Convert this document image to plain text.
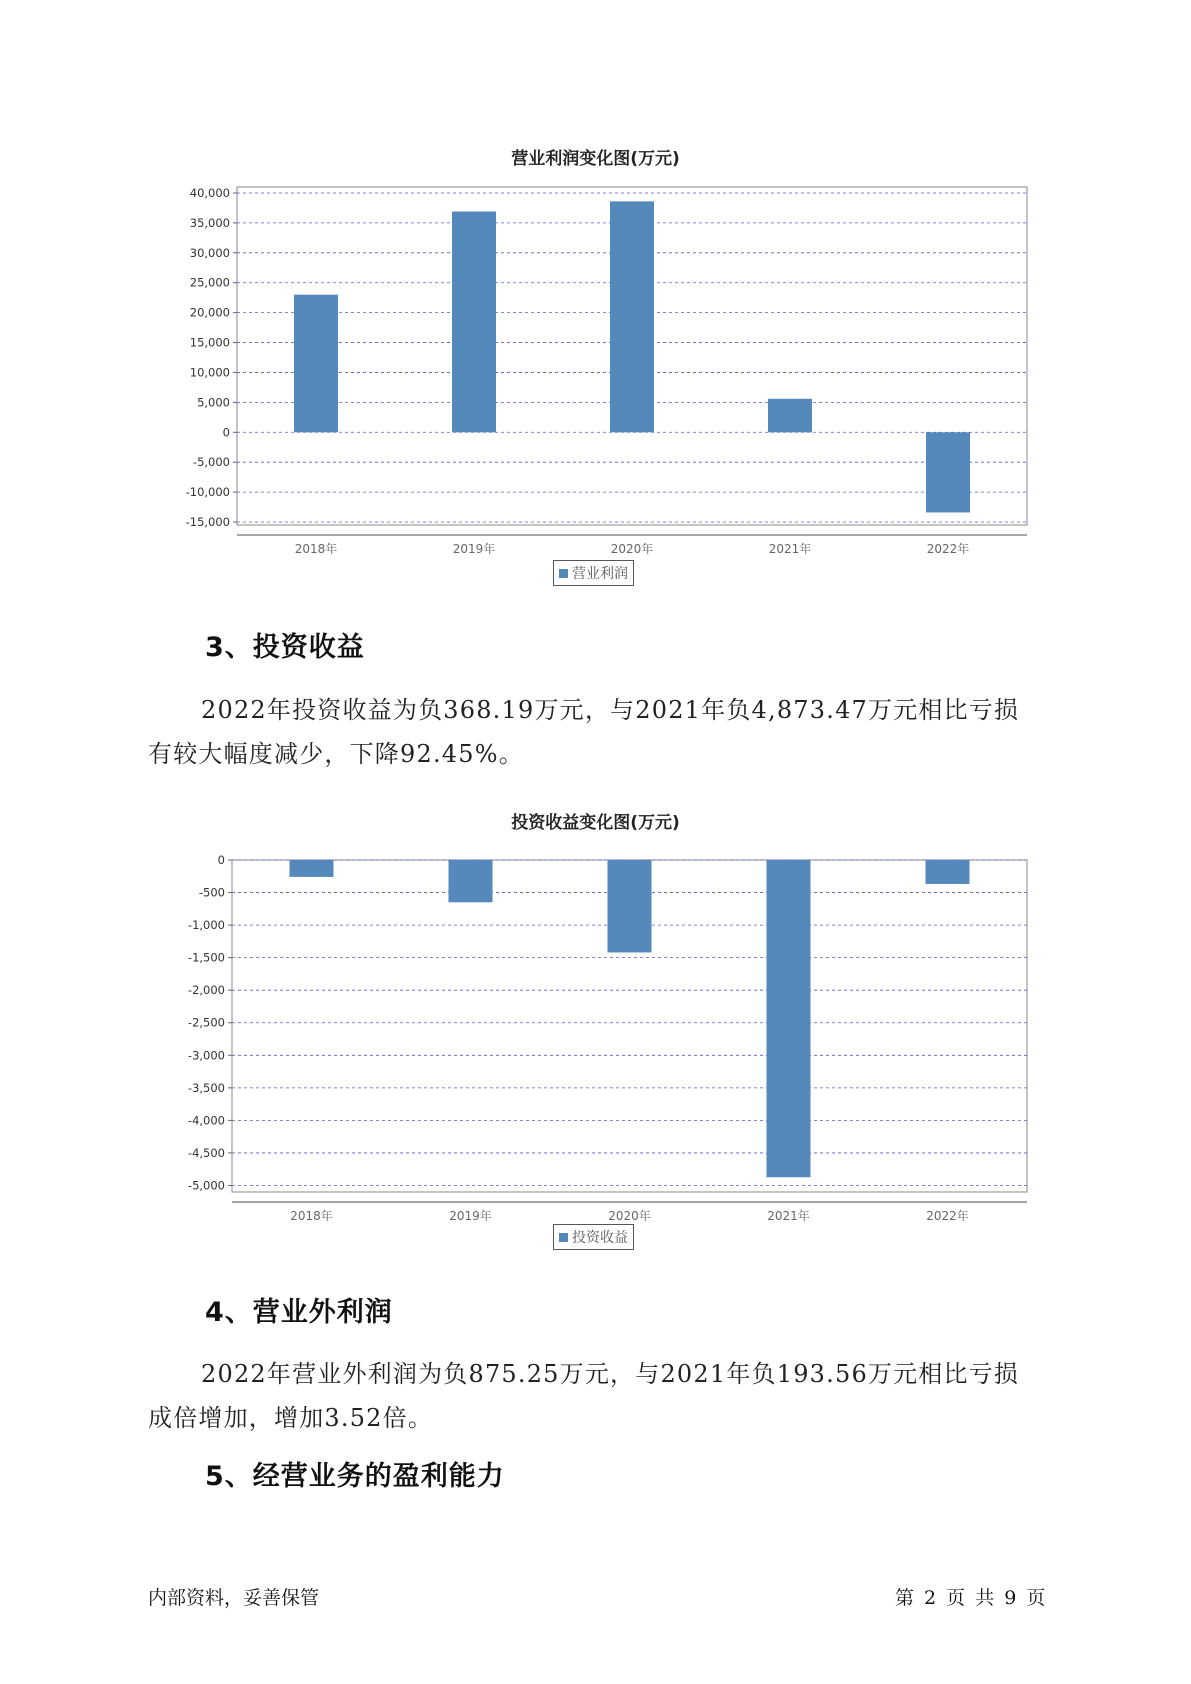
营业利润变化图(万元)
40,000
35,000
30,000
25,000
20,000
15,000
10,000
5,000
0
-5,000
-10,000
-15,000
2018年	2019年	2020年	2021年	2022年
营业利润
3、投资收益
2022年投资收益为负368.19万元，与2021年负4,873.47万元相比亏损
有较大幅度减少，下降92.45%。
投资收益变化图(万元)
0
-500
-1,000
-1,500
-2,000
-2,500
-3,000
-3,500
-4,000
-4,500
-5,000
2018年	2019年	2020年	2021年	2022年
投资收益
4、营业外利润
2022年营业外利润为负875.25万元，与2021年负193.56万元相比亏损
成倍增加，增加3.52倍。
5、经营业务的盈利能力
内部资料，妥善保管	第 2 页 共 9 页
